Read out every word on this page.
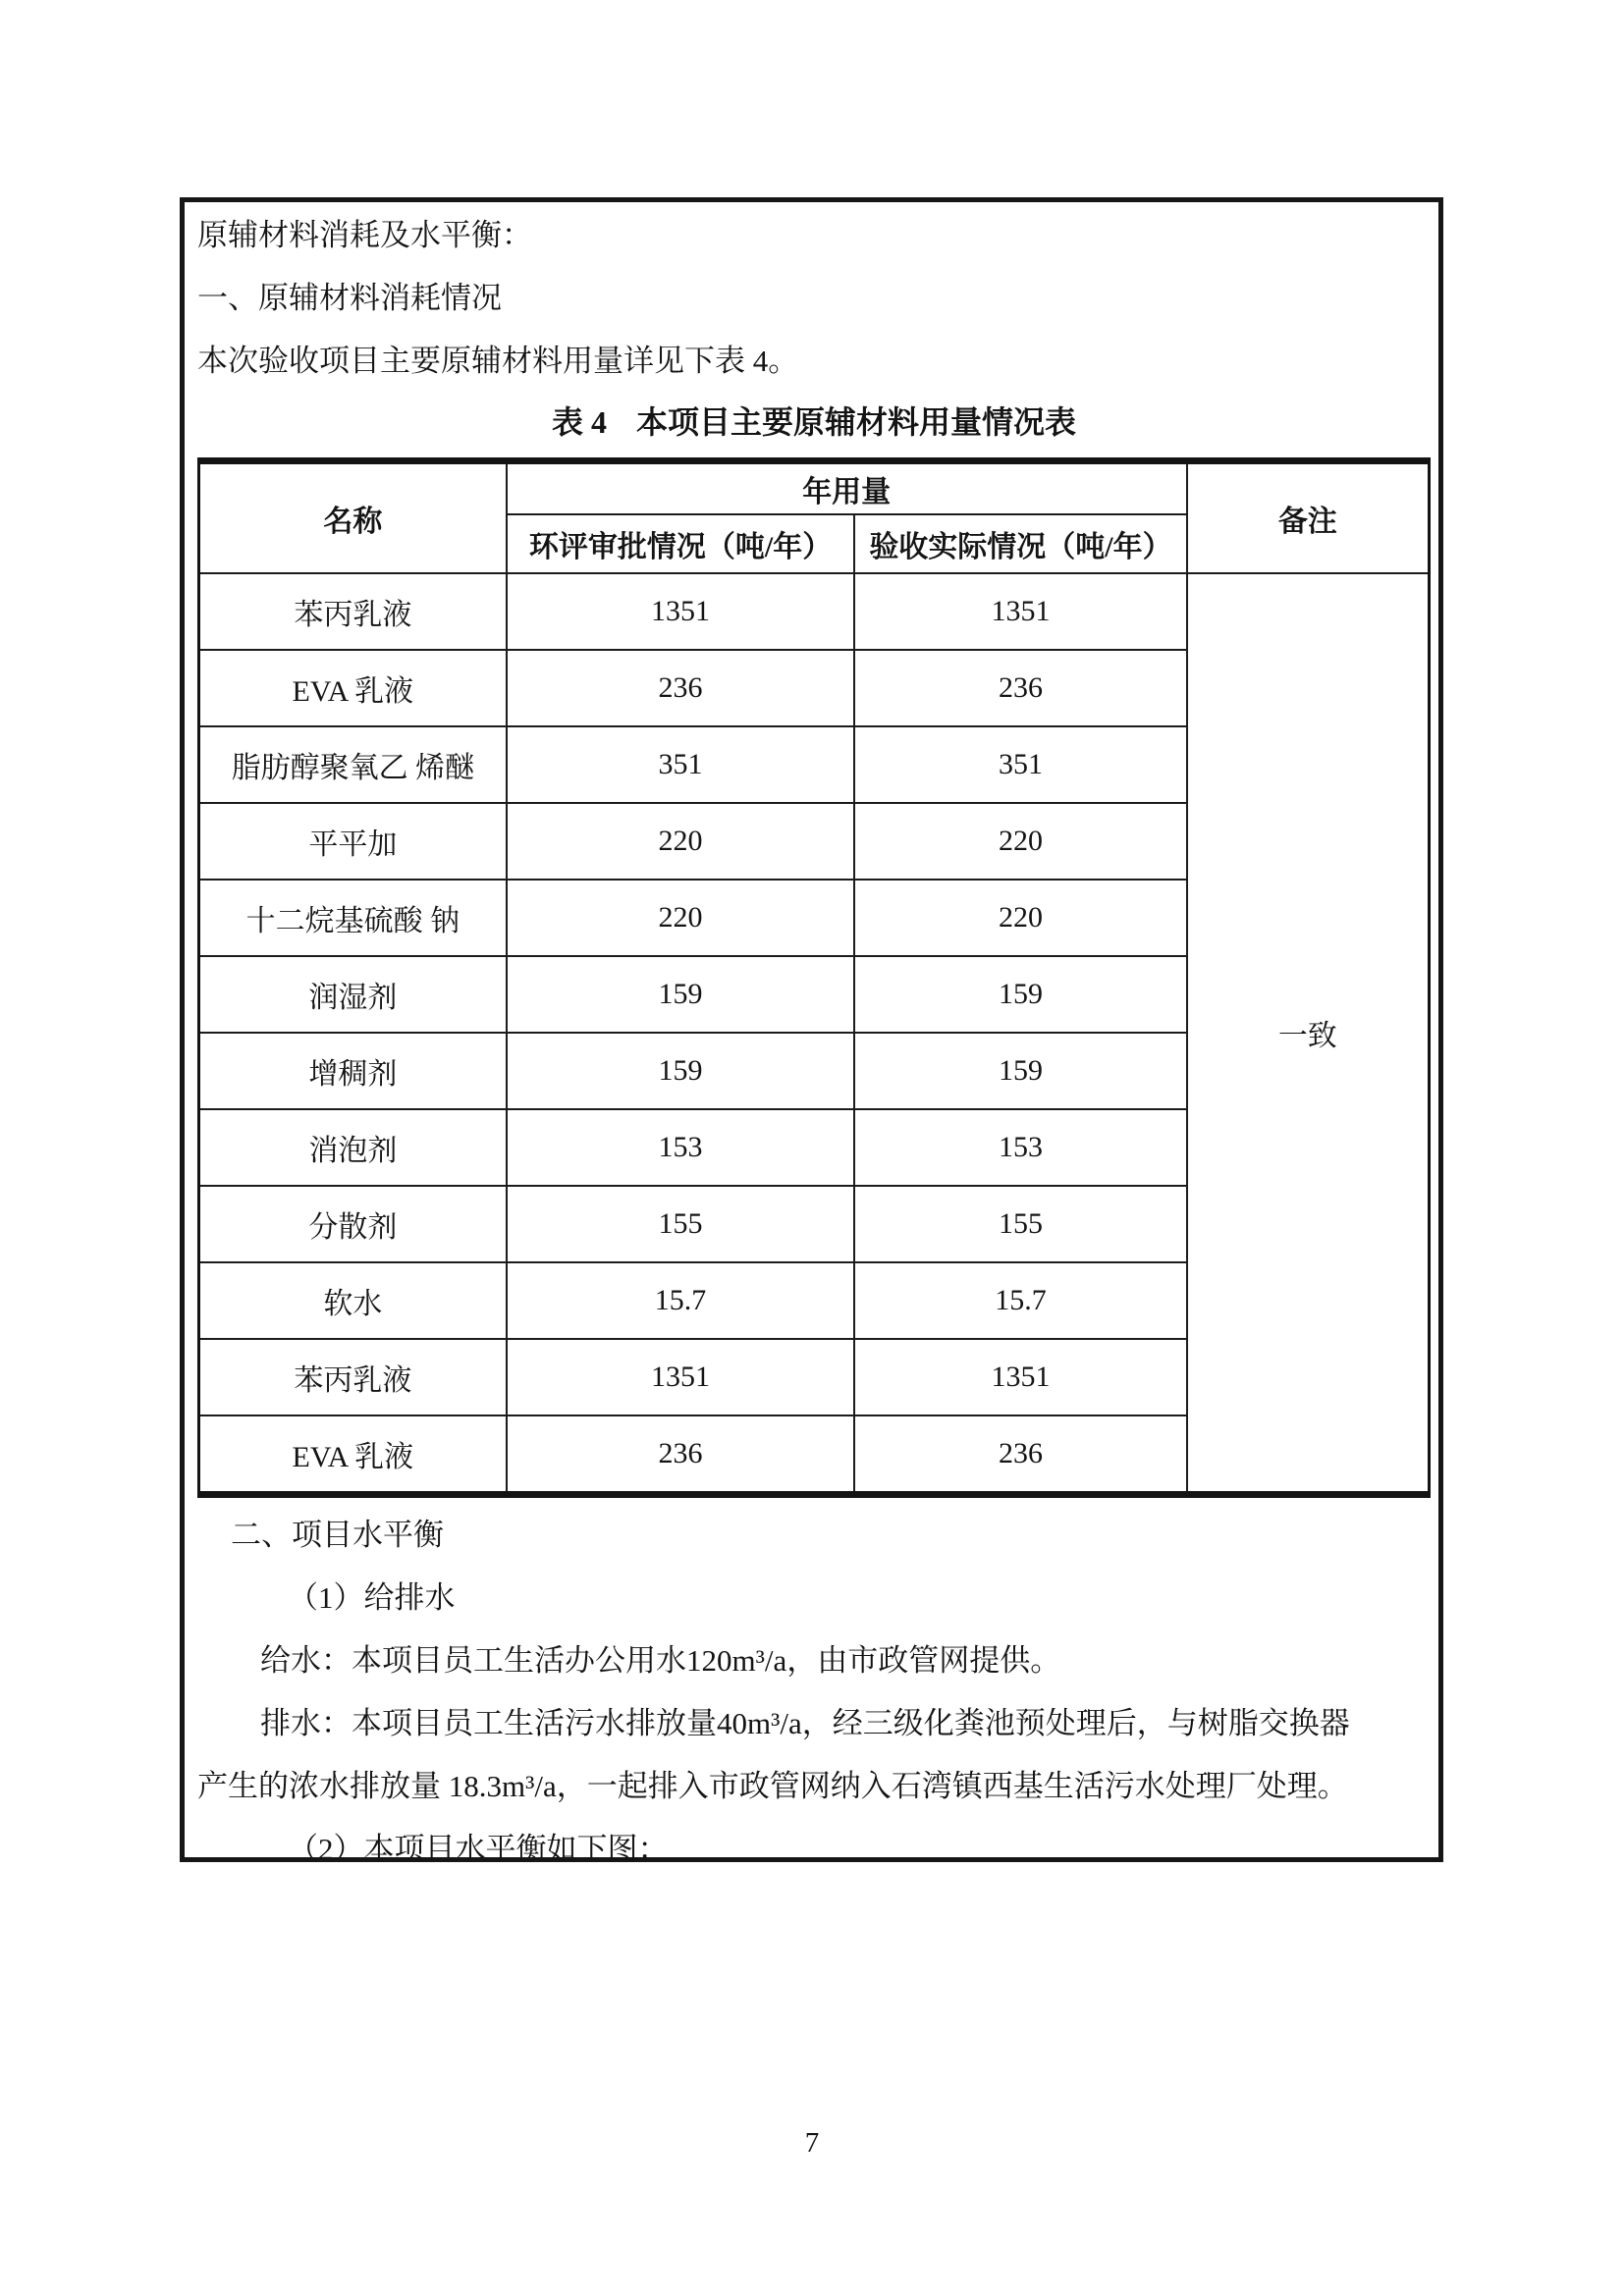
原辅材料消耗及水平衡：
一、原辅材料消耗情况
本次验收项目主要原辅材料用量详见下表 4。
表 4 本项目主要原辅材料用量情况表
名称	年用量		备注
	环评审批情况（吨/年）	验收实际情况（吨/年）	
苯丙乳液	1351	1351	一致
EVA 乳液	236	236	
脂肪醇聚氧乙 烯醚	351	351	
平平加	220	220	
十二烷基硫酸 钠	220	220	
润湿剂	159	159	
增稠剂	159	159	
消泡剂	153	153	
分散剂	155	155	
软水	15.7	15.7	
苯丙乳液	1351	1351	
EVA 乳液	236	236	
二、项目水平衡
（1）给排水
给水：本项目员工生活办公用水120m³/a，由市政管网提供。
排水：本项目员工生活污水排放量40m³/a，经三级化粪池预处理后，与树脂交换器
产生的浓水排放量 18.3m³/a，一起排入市政管网纳入石湾镇西基生活污水处理厂处理。
（2）本项目水平衡如下图：
7
